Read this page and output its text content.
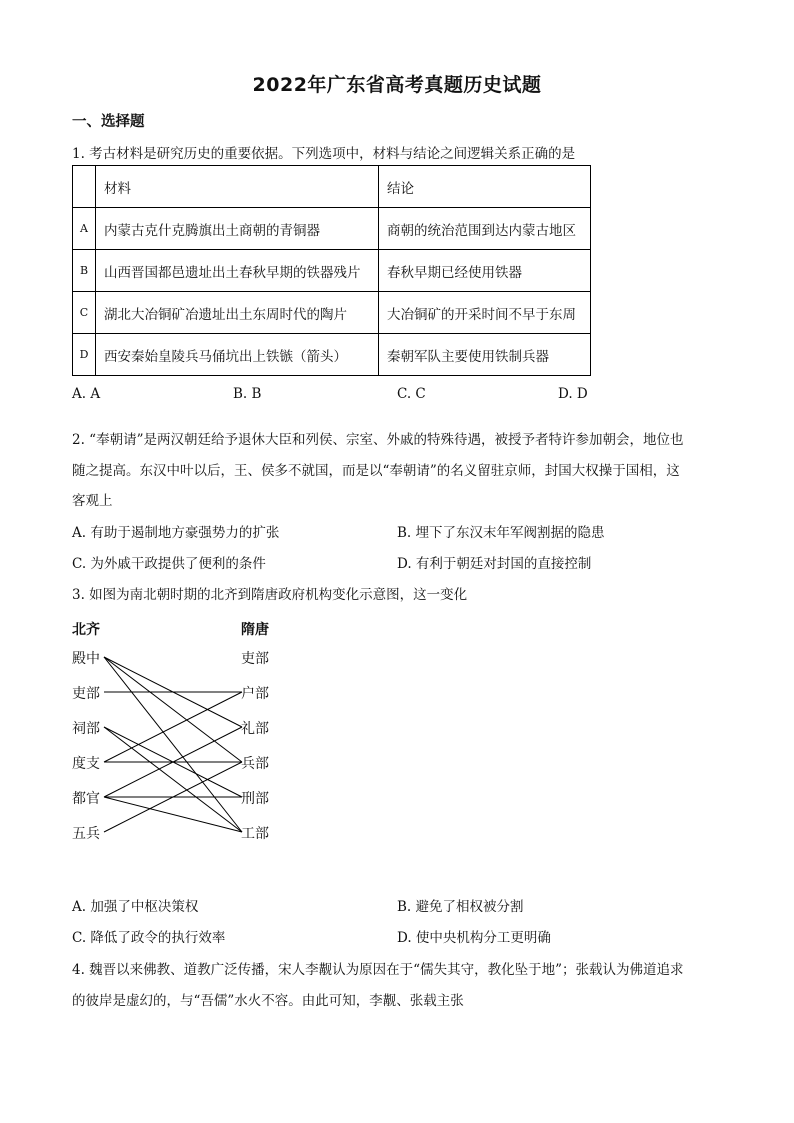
2022年广东省高考真题历史试题
一、选择题
1. 考古材料是研究历史的重要依据。下列选项中，材料与结论之间逻辑关系正确的是
	材料	结论
A	内蒙古克什克腾旗出土商朝的青铜器	商朝的统治范围到达内蒙古地区
B	山西晋国都邑遗址出土春秋早期的铁器残片	春秋早期已经使用铁器
C	湖北大冶铜矿冶遗址出土东周时代的陶片	大冶铜矿的开采时间不早于东周
D	西安秦始皇陵兵马俑坑出上铁镞（箭头）	秦朝军队主要使用铁制兵器
A. A	B. B	C. C	D. D
2. “奉朝请”是两汉朝廷给予退休大臣和列侯、宗室、外戚的特殊待遇，被授予者特许参加朝会，地位也
随之提高。东汉中叶以后，王、侯多不就国，而是以“奉朝请”的名义留驻京师，封国大权操于国相，这
客观上
A. 有助于遏制地方豪强势力的扩张	B. 埋下了东汉末年军阀割据的隐患
C. 为外戚干政提供了便利的条件	D. 有利于朝廷对封国的直接控制
3. 如图为南北朝时期的北齐到隋唐政府机构变化示意图，这一变化
北齐	隋唐
殿中
吏部
祠部
度支
都官
五兵
吏部
户部
礼部
兵部
刑部
工部
A. 加强了中枢决策权	B. 避免了相权被分割
C. 降低了政令的执行效率	D. 使中央机构分工更明确
4. 魏晋以来佛教、道教广泛传播，宋人李觏认为原因在于“儒失其守，教化坠于地”；张载认为佛道追求
的彼岸是虚幻的，与“吾儒”水火不容。由此可知，李觏、张载主张
